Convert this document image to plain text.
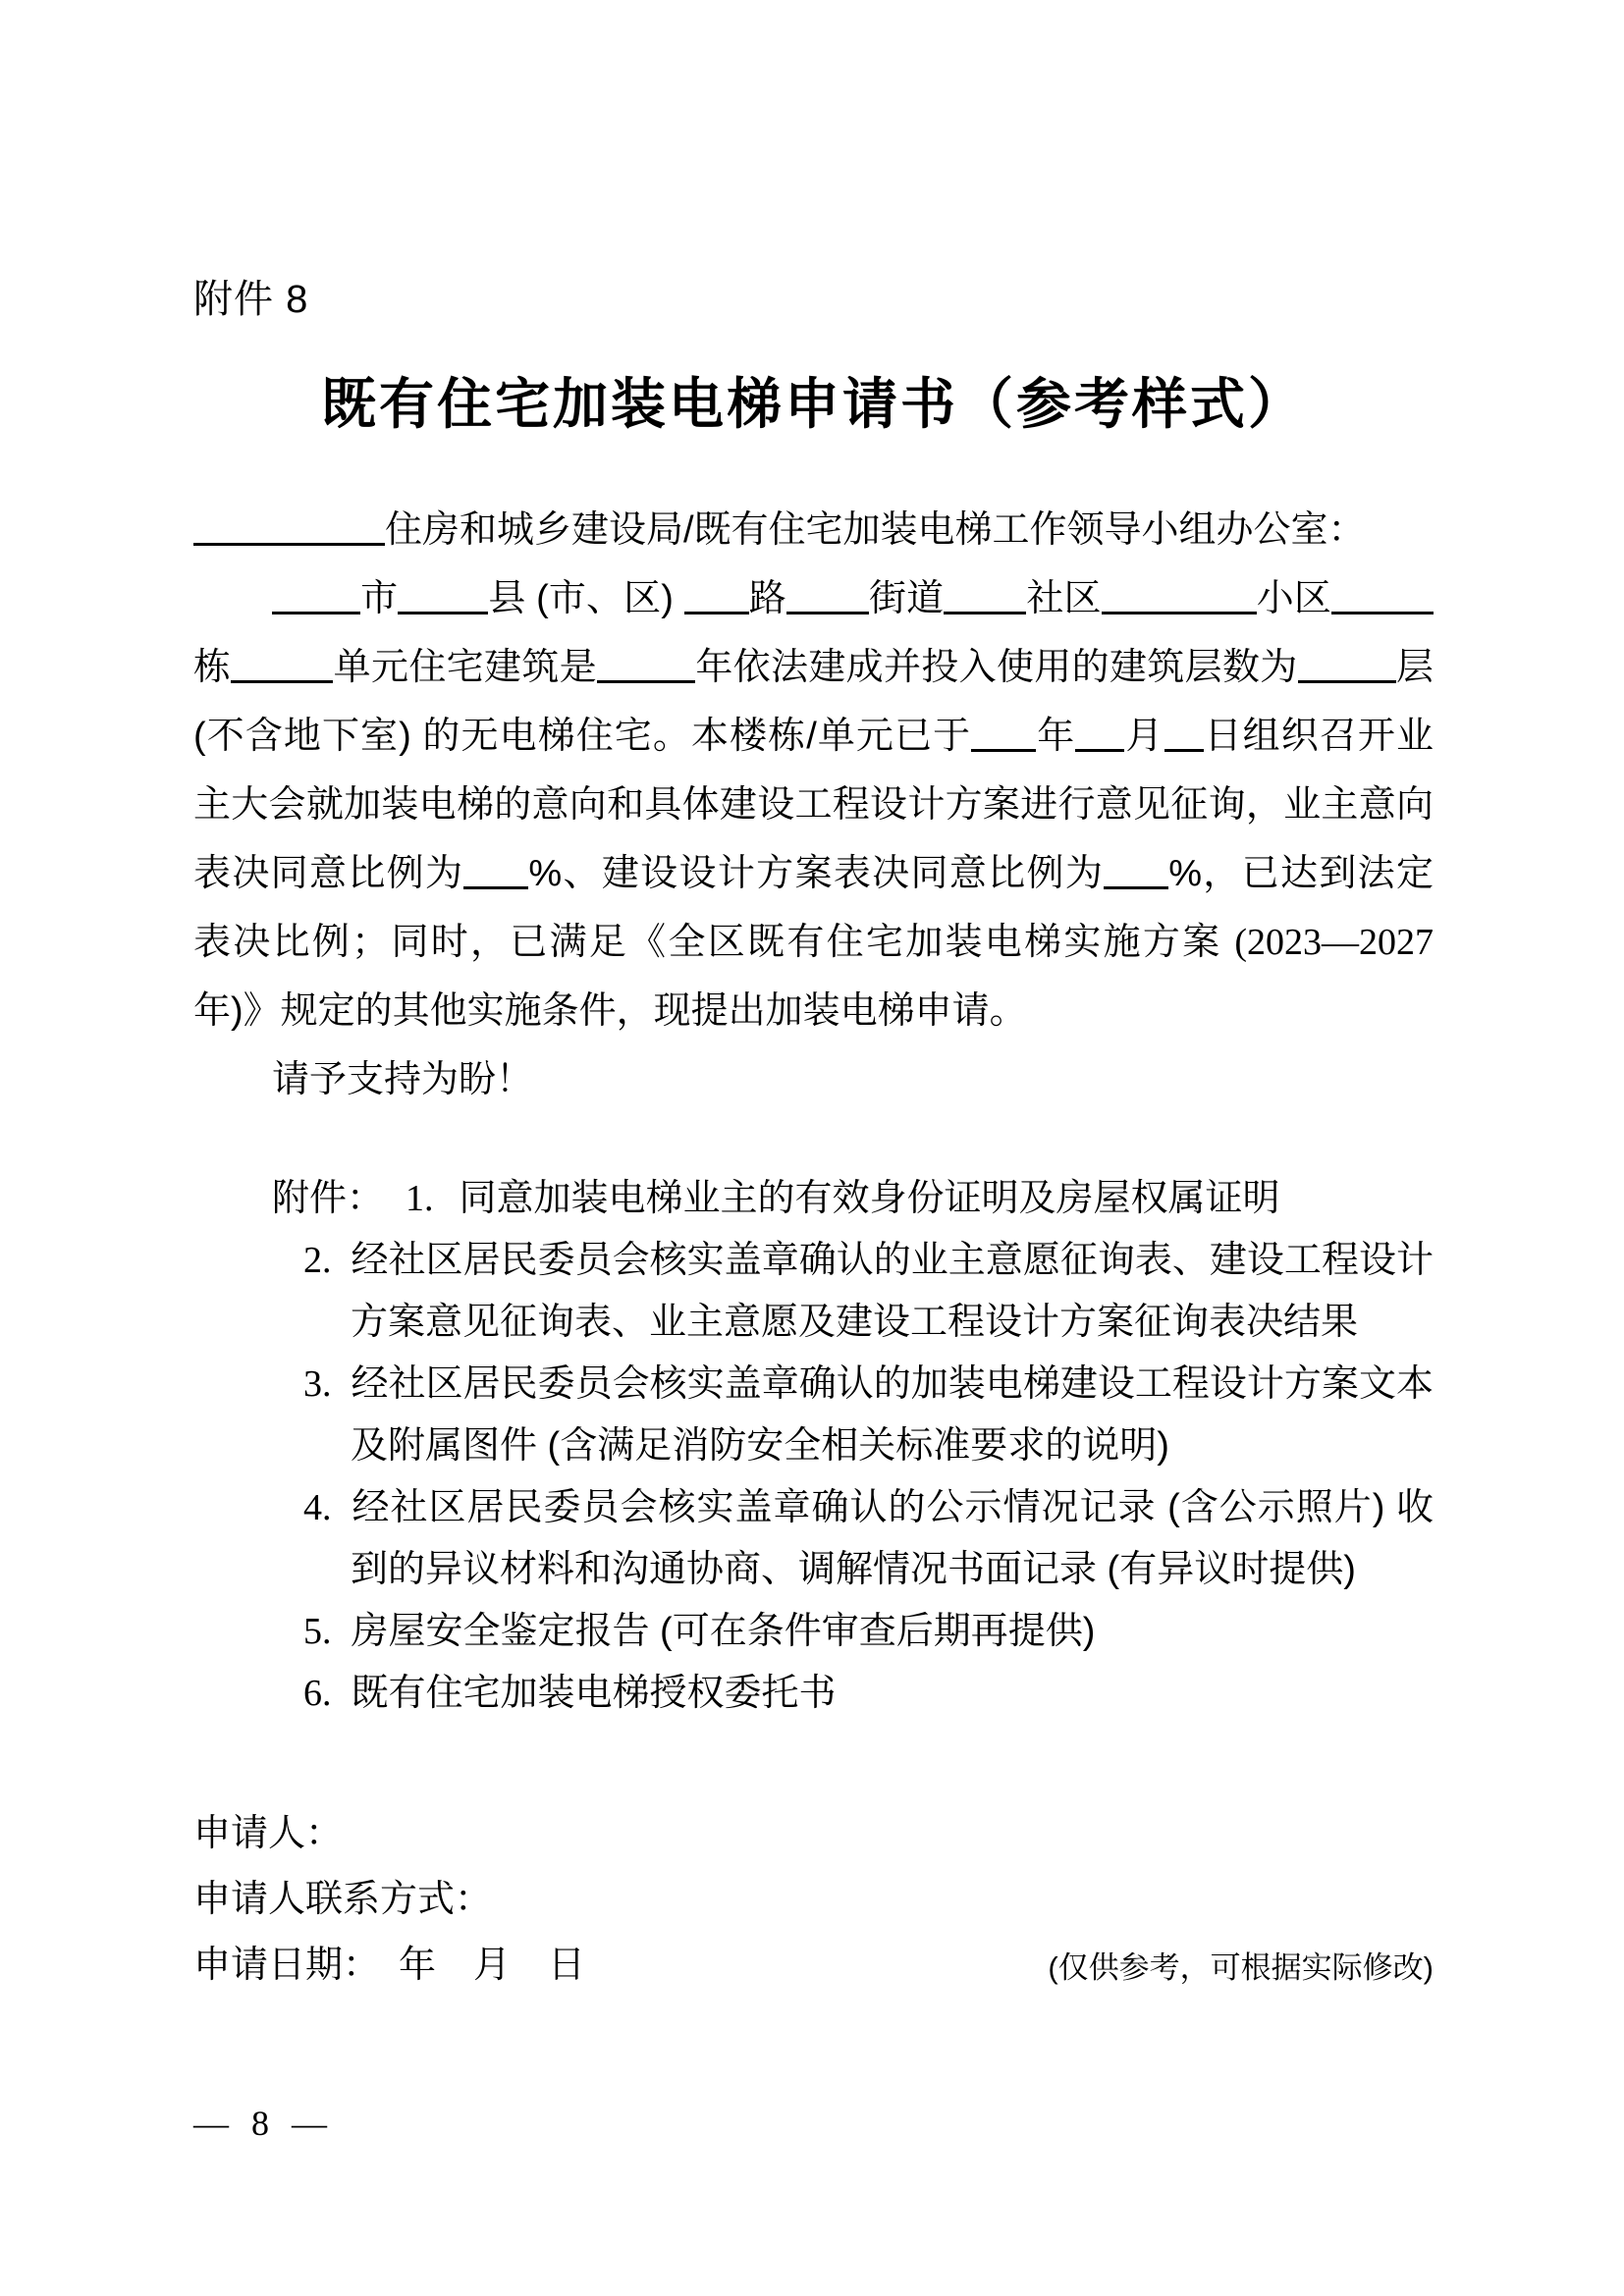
附件 8
既有住宅加装电梯申请书（参考样式）
住房和城乡建设局/既有住宅加装电梯工作领导小组办公室：
市 县 (市、区) 路 街道 社区	小区栋	单元住宅建筑是	年依法建成并投入使用的建筑层数为	层 (不含地下室) 的无电梯住宅。本楼栋/单元已于 年 月 日组织召开业主大会就加装电梯的意向和具体建设工程设计方案进行意见征询，业主意向表决同意比例为 %、建设设计方案表决同意比例为 %，已达到法定表决比例；同时，已满足《全区既有住宅加装电梯实施方案 (2023—2027 年)》规定的其他实施条件，现提出加装电梯申请。
请予支持为盼！
附件： 1. 同意加装电梯业主的有效身份证明及房屋权属证明
2. 经社区居民委员会核实盖章确认的业主意愿征询表、建设工程设计方案意见征询表、业主意愿及建设工程设计方案征询表决结果
3. 经社区居民委员会核实盖章确认的加装电梯建设工程设计方案文本及附属图件 (含满足消防安全相关标准要求的说明)
4. 经社区居民委员会核实盖章确认的公示情况记录 (含公示照片) 收到的异议材料和沟通协商、调解情况书面记录 (有异议时提供)
5. 房屋安全鉴定报告 (可在条件审查后期再提供)
6. 既有住宅加装电梯授权委托书
申请人：
申请人联系方式：
申请日期：　年　月　日	(仅供参考，可根据实际修改)
— 8 —
